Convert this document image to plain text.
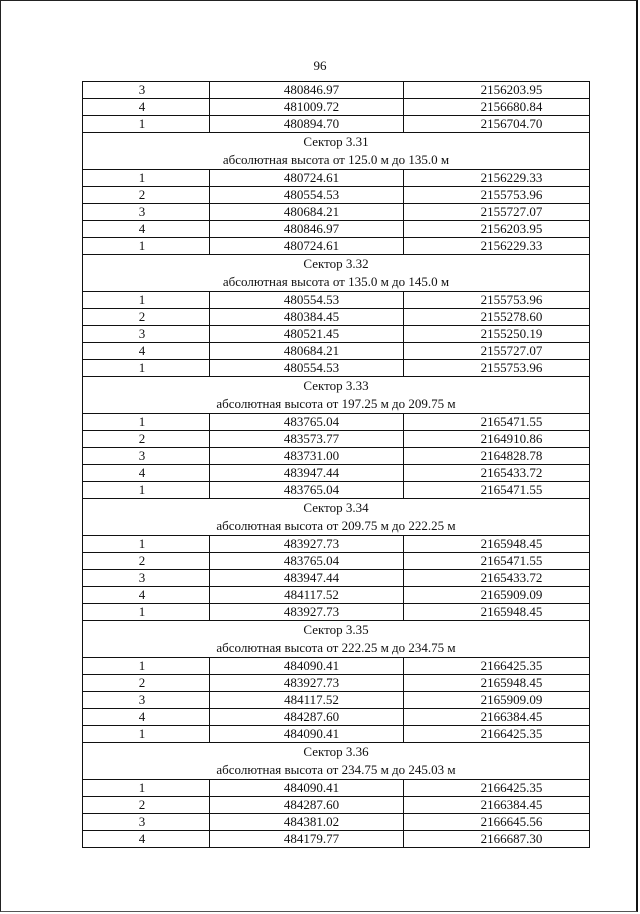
96
3	480846.97	2156203.95
4	481009.72	2156680.84
1	480894.70	2156704.70
Сектор 3.31		
абсолютная высота от 125.0 м до 135.0 м		
1	480724.61	2156229.33
2	480554.53	2155753.96
3	480684.21	2155727.07
4	480846.97	2156203.95
1	480724.61	2156229.33
Сектор 3.32		
абсолютная высота от 135.0 м до 145.0 м		
1	480554.53	2155753.96
2	480384.45	2155278.60
3	480521.45	2155250.19
4	480684.21	2155727.07
1	480554.53	2155753.96
Сектор 3.33		
абсолютная высота от 197.25 м до 209.75 м		
1	483765.04	2165471.55
2	483573.77	2164910.86
3	483731.00	2164828.78
4	483947.44	2165433.72
1	483765.04	2165471.55
Сектор 3.34		
абсолютная высота от 209.75 м до 222.25 м		
1	483927.73	2165948.45
2	483765.04	2165471.55
3	483947.44	2165433.72
4	484117.52	2165909.09
1	483927.73	2165948.45
Сектор 3.35		
абсолютная высота от 222.25 м до 234.75 м		
1	484090.41	2166425.35
2	483927.73	2165948.45
3	484117.52	2165909.09
4	484287.60	2166384.45
1	484090.41	2166425.35
Сектор 3.36		
абсолютная высота от 234.75 м до 245.03 м		
1	484090.41	2166425.35
2	484287.60	2166384.45
3	484381.02	2166645.56
4	484179.77	2166687.30
